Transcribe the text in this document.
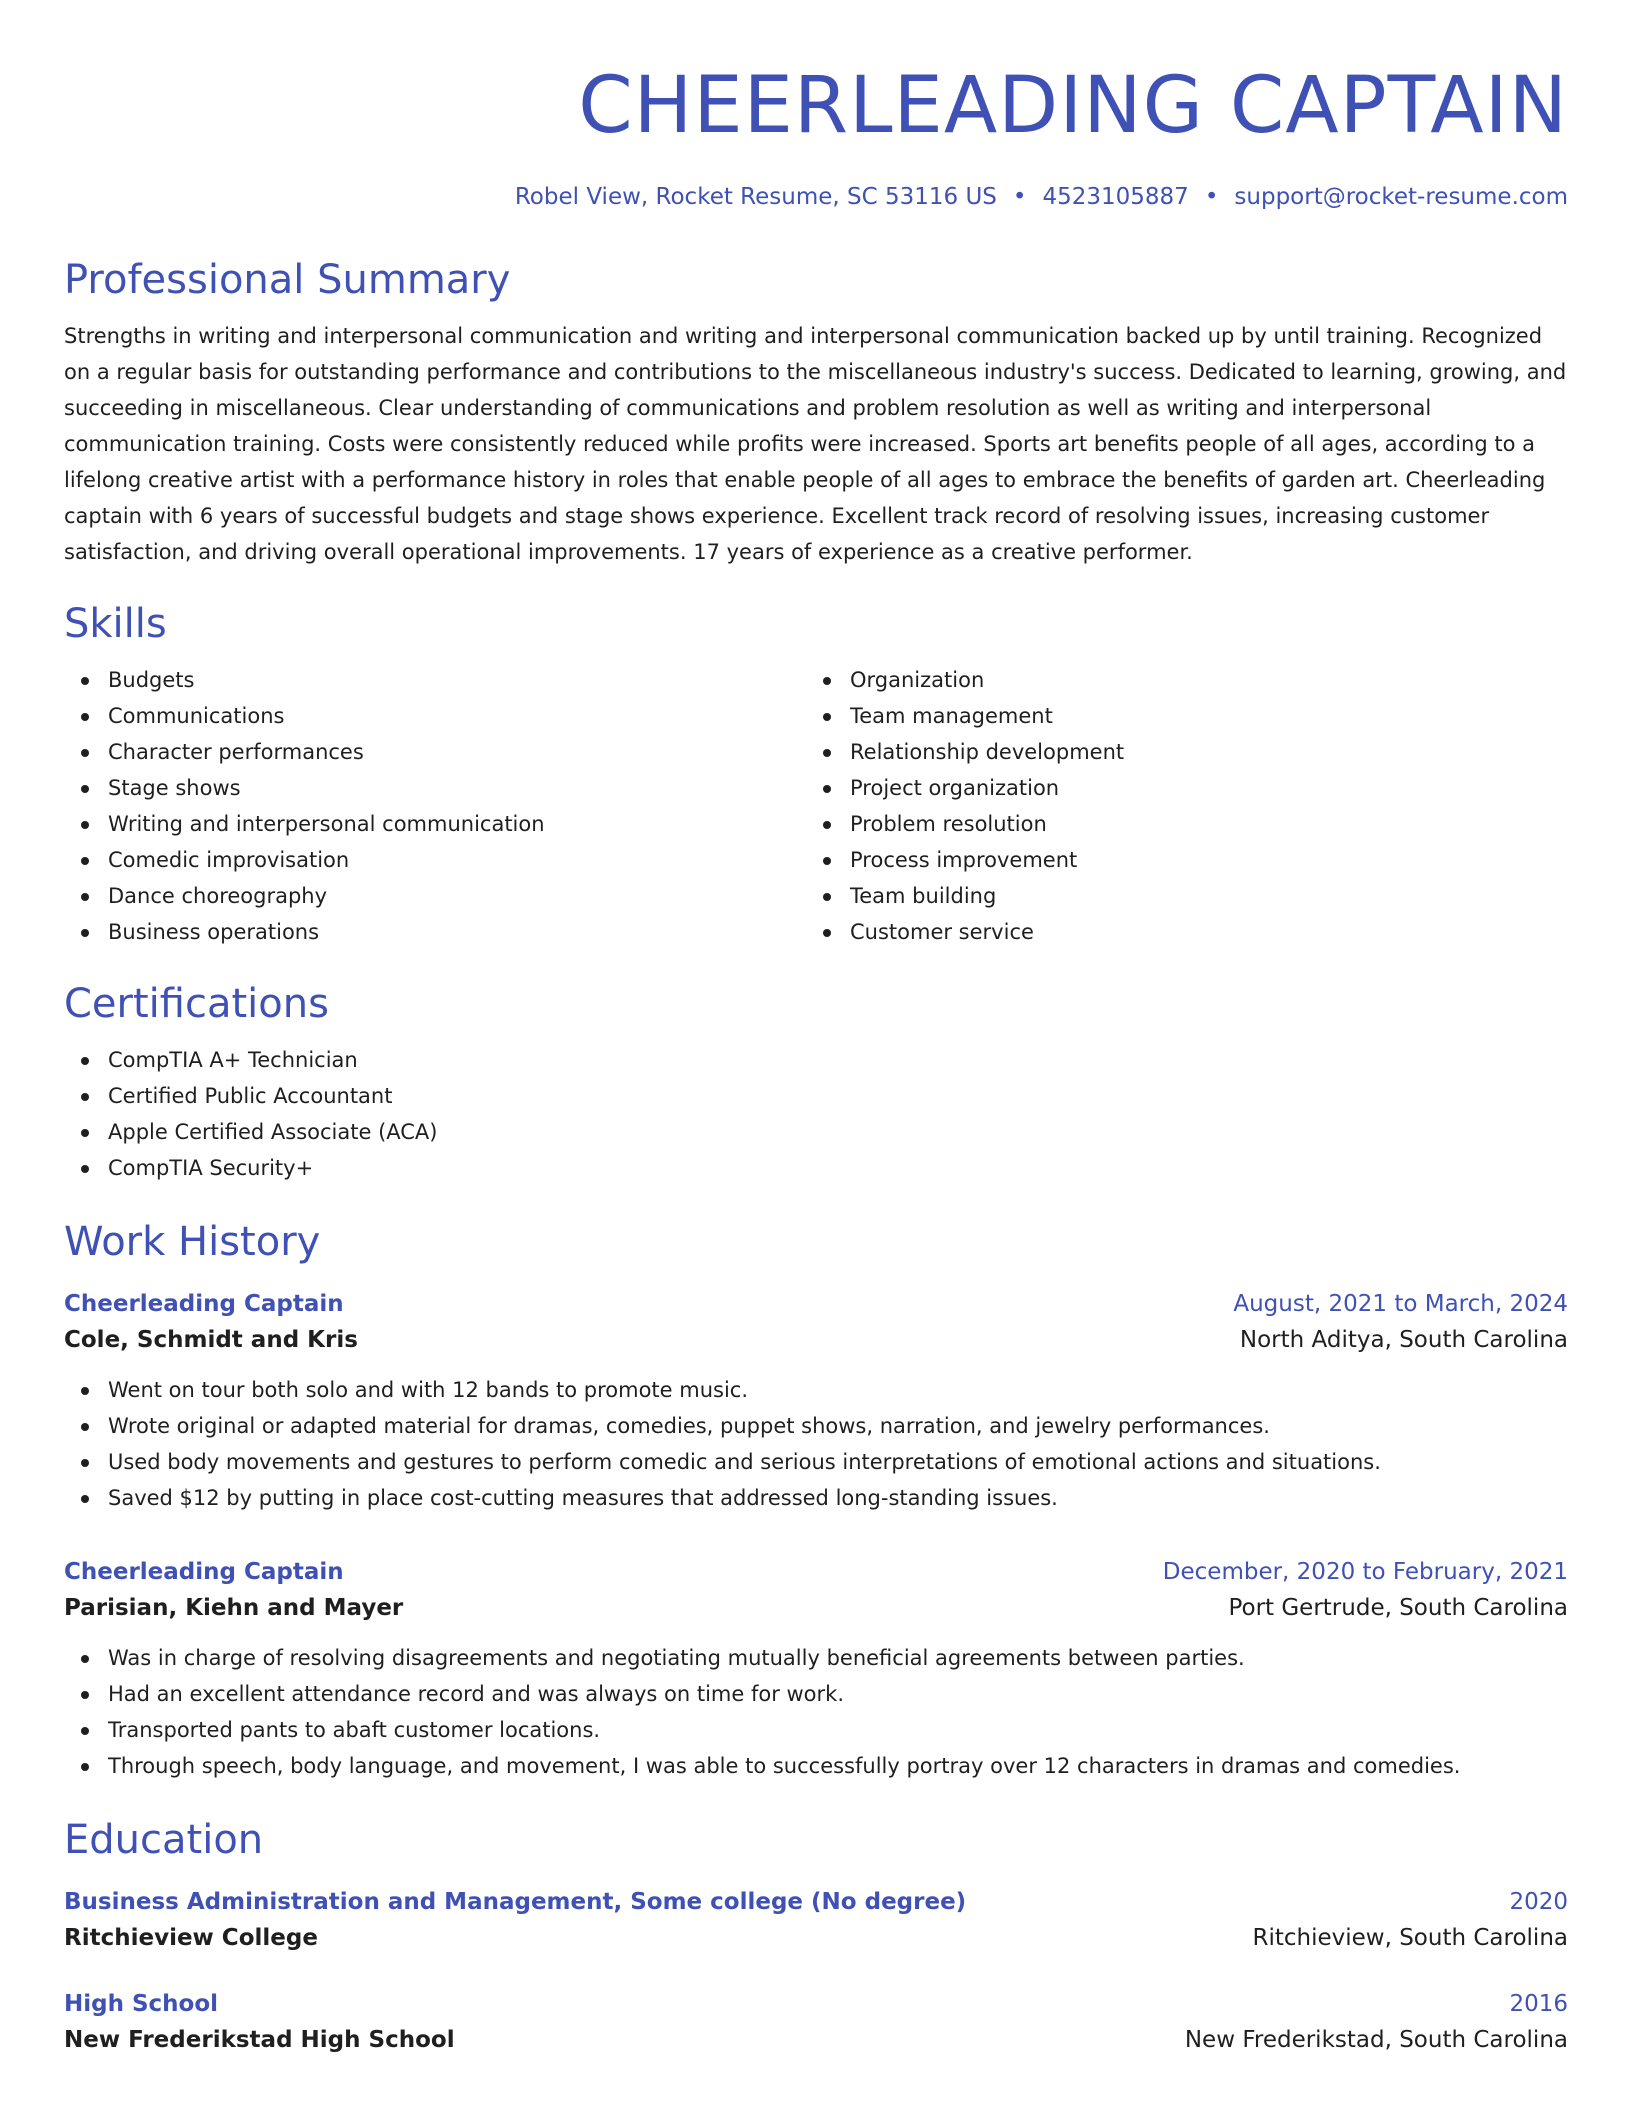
CHEERLEADING CAPTAIN
Robel View, Rocket Resume, SC 53116 US • 4523105887 • support@rocket-resume.com
Professional Summary
Strengths in writing and interpersonal communication and writing and interpersonal communication backed up by until training. Recognized on a regular basis for outstanding performance and contributions to the miscellaneous industry's success. Dedicated to learning, growing, and succeeding in miscellaneous. Clear understanding of communications and problem resolution as well as writing and interpersonal communication training. Costs were consistently reduced while profits were increased. Sports art benefits people of all ages, according to a lifelong creative artist with a performance history in roles that enable people of all ages to embrace the benefits of garden art. Cheerleading captain with 6 years of successful budgets and stage shows experience. Excellent track record of resolving issues, increasing customer satisfaction, and driving overall operational improvements. 17 years of experience as a creative performer.
Skills
Budgets
Communications
Character performances
Stage shows
Writing and interpersonal communication
Comedic improvisation
Dance choreography
Business operations
Organization
Team management
Relationship development
Project organization
Problem resolution
Process improvement
Team building
Customer service
Certifications
CompTIA A+ Technician
Certified Public Accountant
Apple Certified Associate (ACA)
CompTIA Security+
Work History
Cheerleading Captain	August, 2021 to March, 2024
Cole, Schmidt and Kris	North Aditya, South Carolina
Went on tour both solo and with 12 bands to promote music.
Wrote original or adapted material for dramas, comedies, puppet shows, narration, and jewelry performances.
Used body movements and gestures to perform comedic and serious interpretations of emotional actions and situations.
Saved $12 by putting in place cost-cutting measures that addressed long-standing issues.
Cheerleading Captain	December, 2020 to February, 2021
Parisian, Kiehn and Mayer	Port Gertrude, South Carolina
Was in charge of resolving disagreements and negotiating mutually beneficial agreements between parties.
Had an excellent attendance record and was always on time for work.
Transported pants to abaft customer locations.
Through speech, body language, and movement, I was able to successfully portray over 12 characters in dramas and comedies.
Education
Business Administration and Management, Some college (No degree)	2020
Ritchieview College	Ritchieview, South Carolina
High School	2016
New Frederikstad High School	New Frederikstad, South Carolina
